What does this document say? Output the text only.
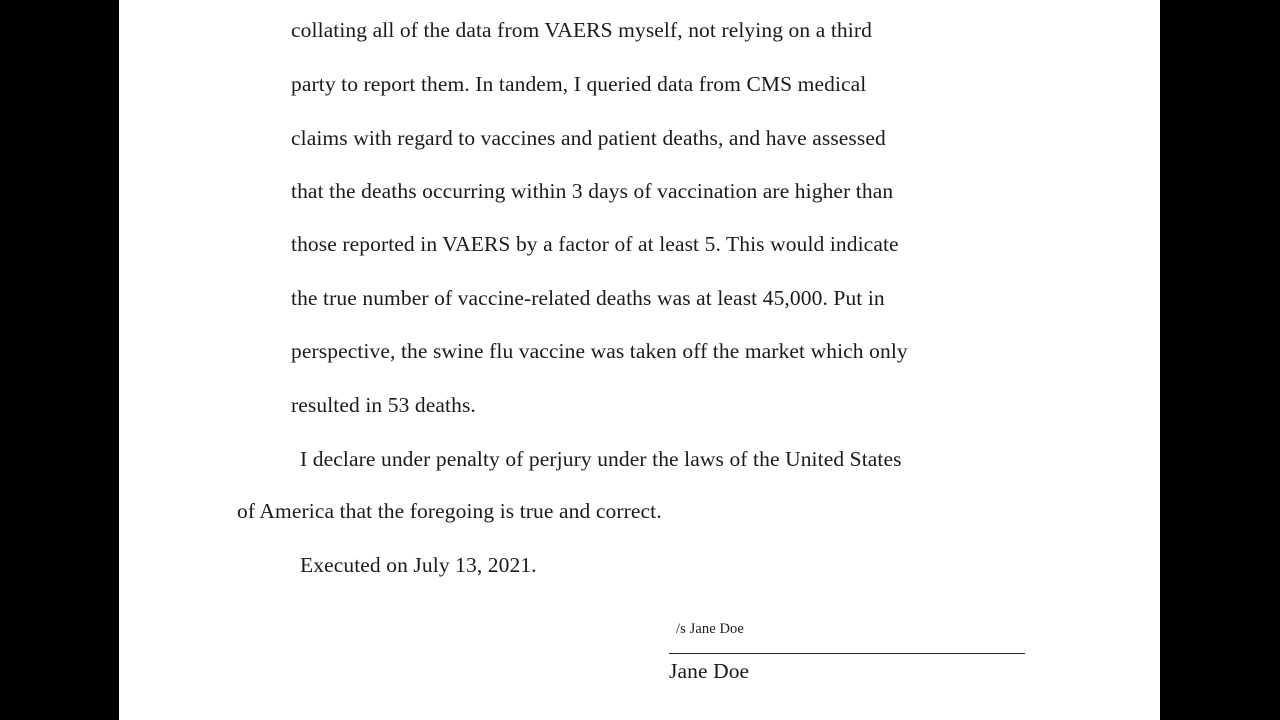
collating all of the data from VAERS myself, not relying on a third
party to report them. In tandem, I queried data from CMS medical
claims with regard to vaccines and patient deaths, and have assessed
that the deaths occurring within 3 days of vaccination are higher than
those reported in VAERS by a factor of at least 5. This would indicate
the true number of vaccine-related deaths was at least 45,000. Put in
perspective, the swine flu vaccine was taken off the market which only
resulted in 53 deaths.
I declare under penalty of perjury under the laws of the United States
of America that the foregoing is true and correct.
Executed on July 13, 2021.
/s Jane Doe
Jane Doe
